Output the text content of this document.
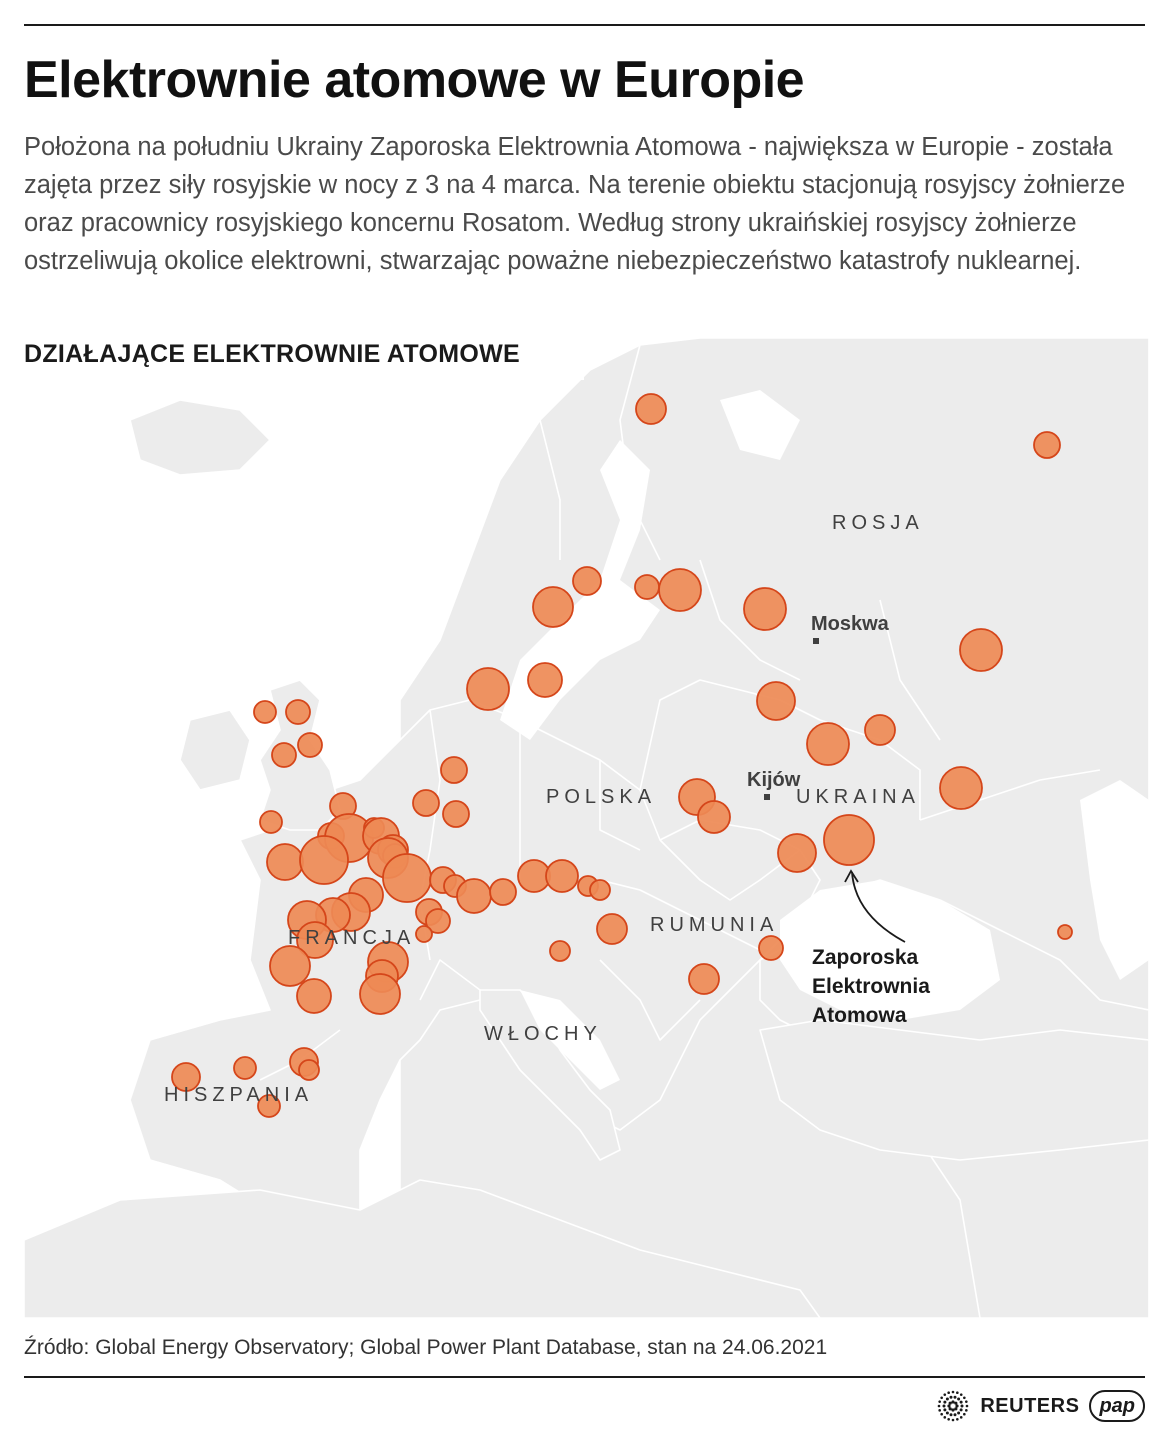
Elektrownie atomowe w Europie

Położona na południu Ukrainy Zaporoska Elektrownia Atomowa - największa w Europie - została zajęta przez siły rosyjskie w nocy z 3 na 4 marca. Na terenie obiektu stacjonują rosyjscy żołnierze oraz pracownicy rosyjskiego koncernu Rosatom. Według strony ukraińskiej rosyjscy żołnierze ostrzeliwują okolice elektrowni, stwarzając poważne niebezpieczeństwo katastrofy nuklearnej.

ROSJA
POLSKA	UKRAINA
RUMUNIA
FRANCJA
WŁOCHY
HISZPANIA
Moskwa
Kijów
Zaporoska Elektrownia Atomowa
DZIAŁAJĄCE ELEKTROWNIE ATOMOWE
Źródło: Global Energy Observatory; Global Power Plant Database, stan na 24.06.2021
REUTERS	pap
